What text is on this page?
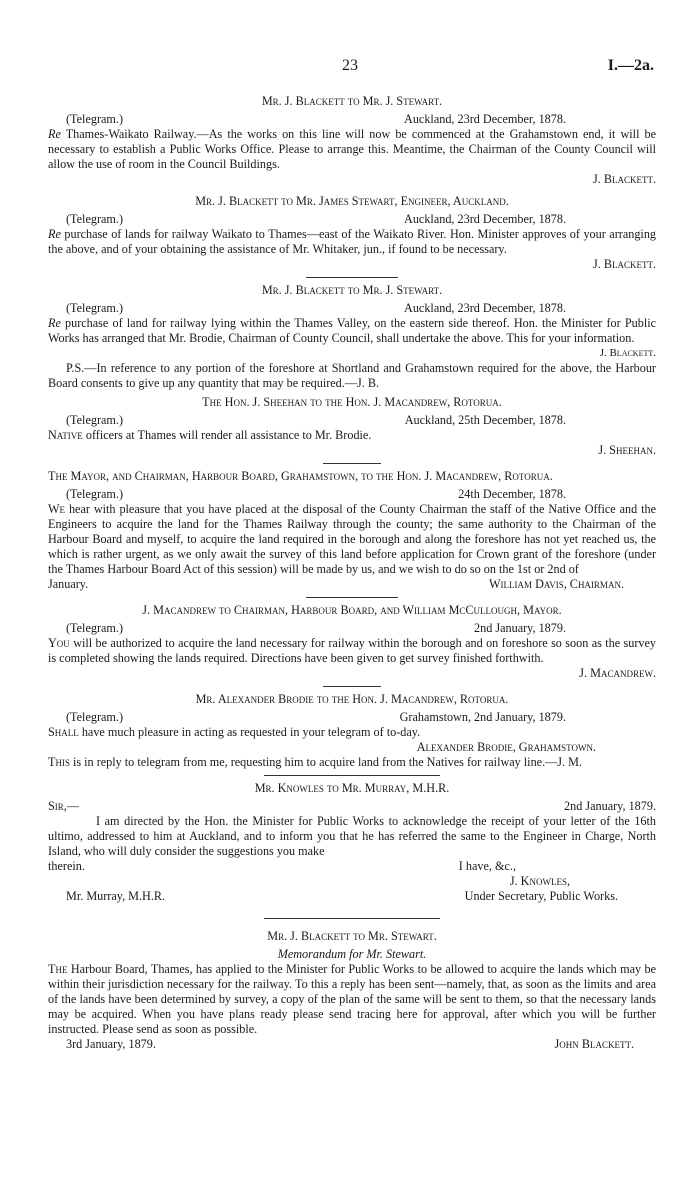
23	I.—2a.
Mr. J. Blackett to Mr. J. Stewart.
(Telegram.)	Auckland, 23rd December, 1878.

Re Thames-Waikato Railway.—As the works on this line will now be commenced at the Grahamstown end, it will be necessary to establish a Public Works Office. Please to arrange this. Meantime, the Chairman of the County Council will allow the use of room in the Council Buildings.

J. Blackett.
Mr. J. Blackett to Mr. James Stewart, Engineer, Auckland.
(Telegram.)	Auckland, 23rd December, 1878.

Re purchase of lands for railway Waikato to Thames—east of the Waikato River. Hon. Minister approves of your arranging the above, and of your obtaining the assistance of Mr. Whitaker, jun., if found to be necessary.

J. Blackett.
Mr. J. Blackett to Mr. J. Stewart.
(Telegram.)	Auckland, 23rd December, 1878.

Re purchase of land for railway lying within the Thames Valley, on the eastern side thereof. Hon. the Minister for Public Works has arranged that Mr. Brodie, Chairman of County Council, shall undertake the above. This for your information.

J. Blackett.

P.S.—In reference to any portion of the foreshore at Shortland and Grahamstown required for the above, the Harbour Board consents to give up any quantity that may be required.—J. B.

The Hon. J. Sheehan to the Hon. J. Macandrew, Rotorua.
(Telegram.)	Auckland, 25th December, 1878.

Native officers at Thames will render all assistance to Mr. Brodie.

J. Sheehan.
The Mayor, and Chairman, Harbour Board, Grahamstown, to the Hon. J. Macandrew, Rotorua.
(Telegram.)	24th December, 1878.

We hear with pleasure that you have placed at the disposal of the County Chairman the staff of the Native Office and the Engineers to acquire the land for the Thames Railway through the county; the same authority to the Chairman of the Harbour Board and myself, to acquire the land required in the borough and along the foreshore has not yet reached us, the which is rather urgent, as we only await the survey of this land before application for Crown grant of the foreshore (under the Thames Harbour Board Act of this session) will be made by us, and we wish to do so on the 1st or 2nd of

January.	William Davis, Chairman.
J. Macandrew to Chairman, Harbour Board, and William McCullough, Mayor.
(Telegram.)	2nd January, 1879.

You will be authorized to acquire the land necessary for railway within the borough and on foreshore so soon as the survey is completed showing the lands required. Directions have been given to get survey finished forthwith.

J. Macandrew.
Mr. Alexander Brodie to the Hon. J. Macandrew, Rotorua.
(Telegram.)	Grahamstown, 2nd January, 1879.

Shall have much pleasure in acting as requested in your telegram of to-day.

Alexander Brodie, Grahamstown.

This is in reply to telegram from me, requesting him to acquire land from the Natives for railway line.—J. M.

Mr. Knowles to Mr. Murray, M.H.R.
Sir,—	2nd January, 1879.

I am directed by the Hon. the Minister for Public Works to acknowledge the receipt of your letter of the 16th ultimo, addressed to him at Auckland, and to inform you that he has referred the same to the Engineer in Charge, North Island, who will duly consider the suggestions you make

therein.	I have, &c.,
J. Knowles,
Mr. Murray, M.H.R.	Under Secretary, Public Works.
Mr. J. Blackett to Mr. Stewart.
Memorandum for Mr. Stewart.

The Harbour Board, Thames, has applied to the Minister for Public Works to be allowed to acquire the lands which may be within their jurisdiction necessary for the railway. To this a reply has been sent—namely, that, as soon as the limits and area of the lands have been determined by survey, a copy of the plan of the same will be sent to them, so that the necessary lands may be acquired. When you have plans ready please send tracing here for approval, after which you will be further instructed. Please send as soon as possible.

3rd January, 1879.	John Blackett.
